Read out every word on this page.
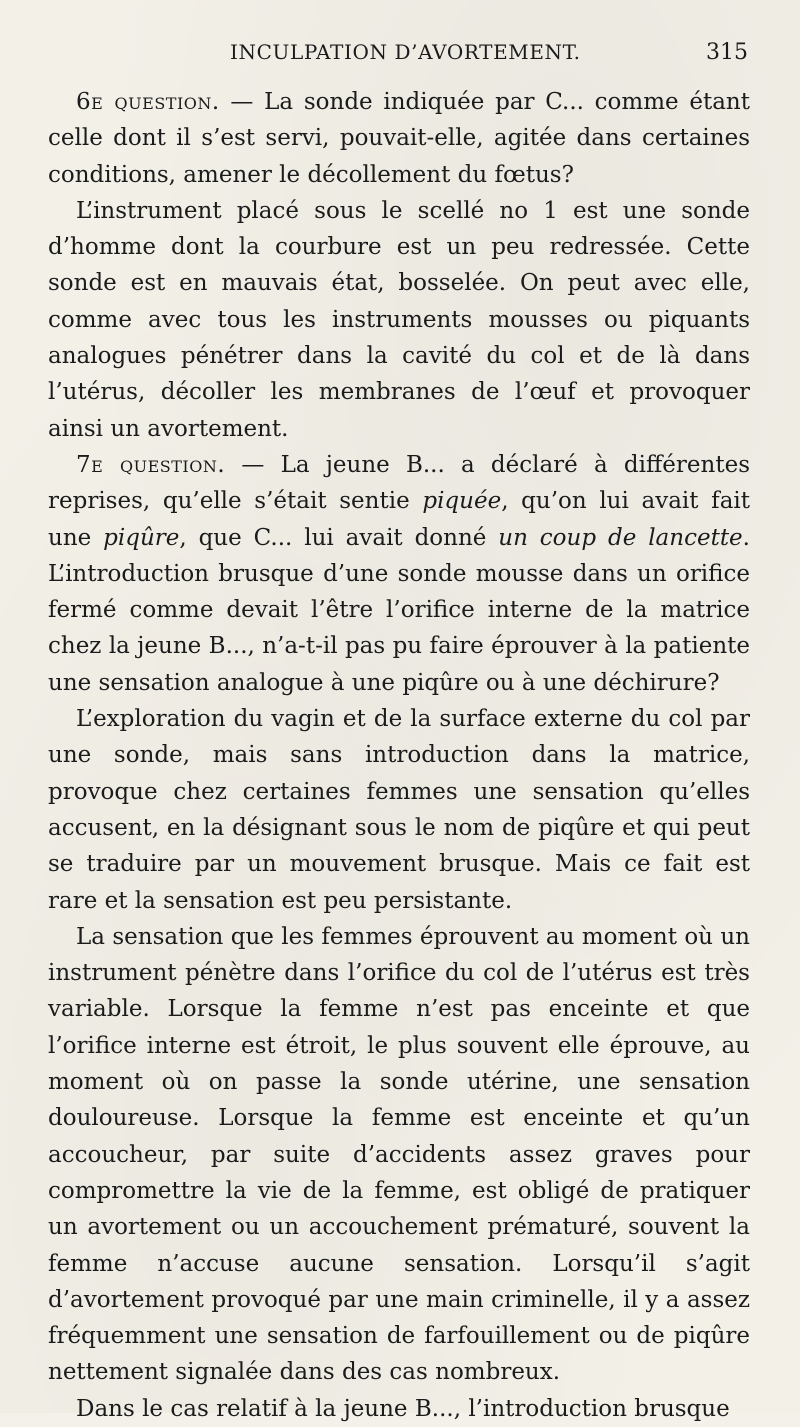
INCULPATION D’AVORTEMENT.	315

6e question. — La sonde indiquée par C... comme étant celle dont il s’est servi, pouvait-elle, agitée dans certaines conditions, amener le décollement du fœtus?

L’instrument placé sous le scellé no 1 est une sonde d’homme dont la courbure est un peu redressée. Cette sonde est en mauvais état, bosselée. On peut avec elle, comme avec tous les instruments mousses ou piquants analogues pénétrer dans la cavité du col et de là dans l’utérus, décoller les membranes de l’œuf et provoquer ainsi un avortement.

7e question. — La jeune B... a déclaré à différentes reprises, qu’elle s’était sentie piquée, qu’on lui avait fait une piqûre, que C... lui avait donné un coup de lancette. L’introduction brusque d’une sonde mousse dans un orifice fermé comme devait l’être l’orifice interne de la matrice chez la jeune B..., n’a-t-il pas pu faire éprouver à la patiente une sensation analogue à une piqûre ou à une déchirure?

L’exploration du vagin et de la surface externe du col par une sonde, mais sans introduction dans la matrice, provoque chez certaines femmes une sensation qu’elles accusent, en la désignant sous le nom de piqûre et qui peut se traduire par un mouvement brusque. Mais ce fait est rare et la sensation est peu persistante.

La sensation que les femmes éprouvent au moment où un instrument pénètre dans l’orifice du col de l’utérus est très variable. Lorsque la femme n’est pas enceinte et que l’orifice interne est étroit, le plus souvent elle éprouve, au moment où on passe la sonde utérine, une sensation douloureuse. Lorsque la femme est enceinte et qu’un accoucheur, par suite d’accidents assez graves pour compromettre la vie de la femme, est obligé de pratiquer un avortement ou un accouchement prématuré, souvent la femme n’accuse aucune sensation. Lorsqu’il s’agit d’avortement provoqué par une main criminelle, il y a assez fréquemment une sensation de farfouillement ou de piqûre nettement signalée dans des cas nombreux.

Dans le cas relatif à la jeune B..., l’introduction brusque
